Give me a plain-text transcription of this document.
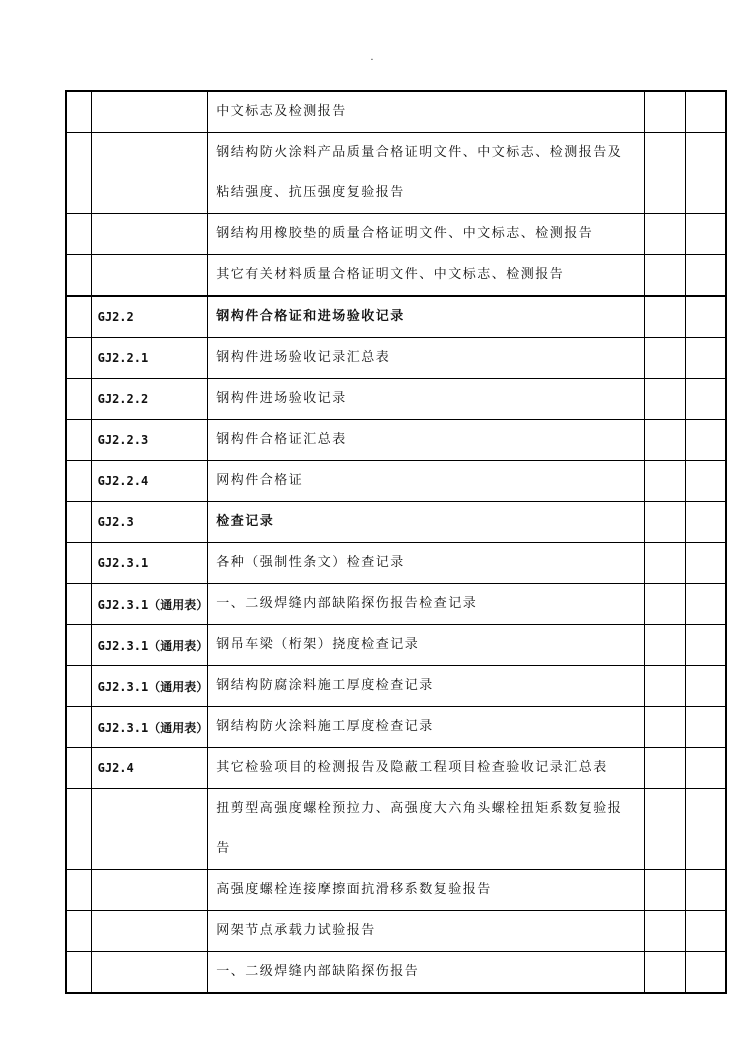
.
		中文标志及检测报告		
		钢结构防火涂料产品质量合格证明文件、中文标志、检测报告及粘结强度、抗压强度复验报告		
		钢结构用橡胶垫的质量合格证明文件、中文标志、检测报告		
		其它有关材料质量合格证明文件、中文标志、检测报告		
	GJ2.2	钢构件合格证和进场验收记录		
	GJ2.2.1	钢构件进场验收记录汇总表		
	GJ2.2.2	钢构件进场验收记录		
	GJ2.2.3	钢构件合格证汇总表		
	GJ2.2.4	网构件合格证		
	GJ2.3	检查记录		
	GJ2.3.1	各种（强制性条文）检查记录		
	GJ2.3.1（通用表）	一、二级焊缝内部缺陷探伤报告检查记录		
	GJ2.3.1（通用表）	钢吊车梁（桁架）挠度检查记录		
	GJ2.3.1（通用表）	钢结构防腐涂料施工厚度检查记录		
	GJ2.3.1（通用表）	钢结构防火涂料施工厚度检查记录		
	GJ2.4	其它检验项目的检测报告及隐蔽工程项目检查验收记录汇总表		
		扭剪型高强度螺栓预拉力、高强度大六角头螺栓扭矩系数复验报告		
		高强度螺栓连接摩擦面抗滑移系数复验报告		
		网架节点承载力试验报告		
		一、二级焊缝内部缺陷探伤报告		
